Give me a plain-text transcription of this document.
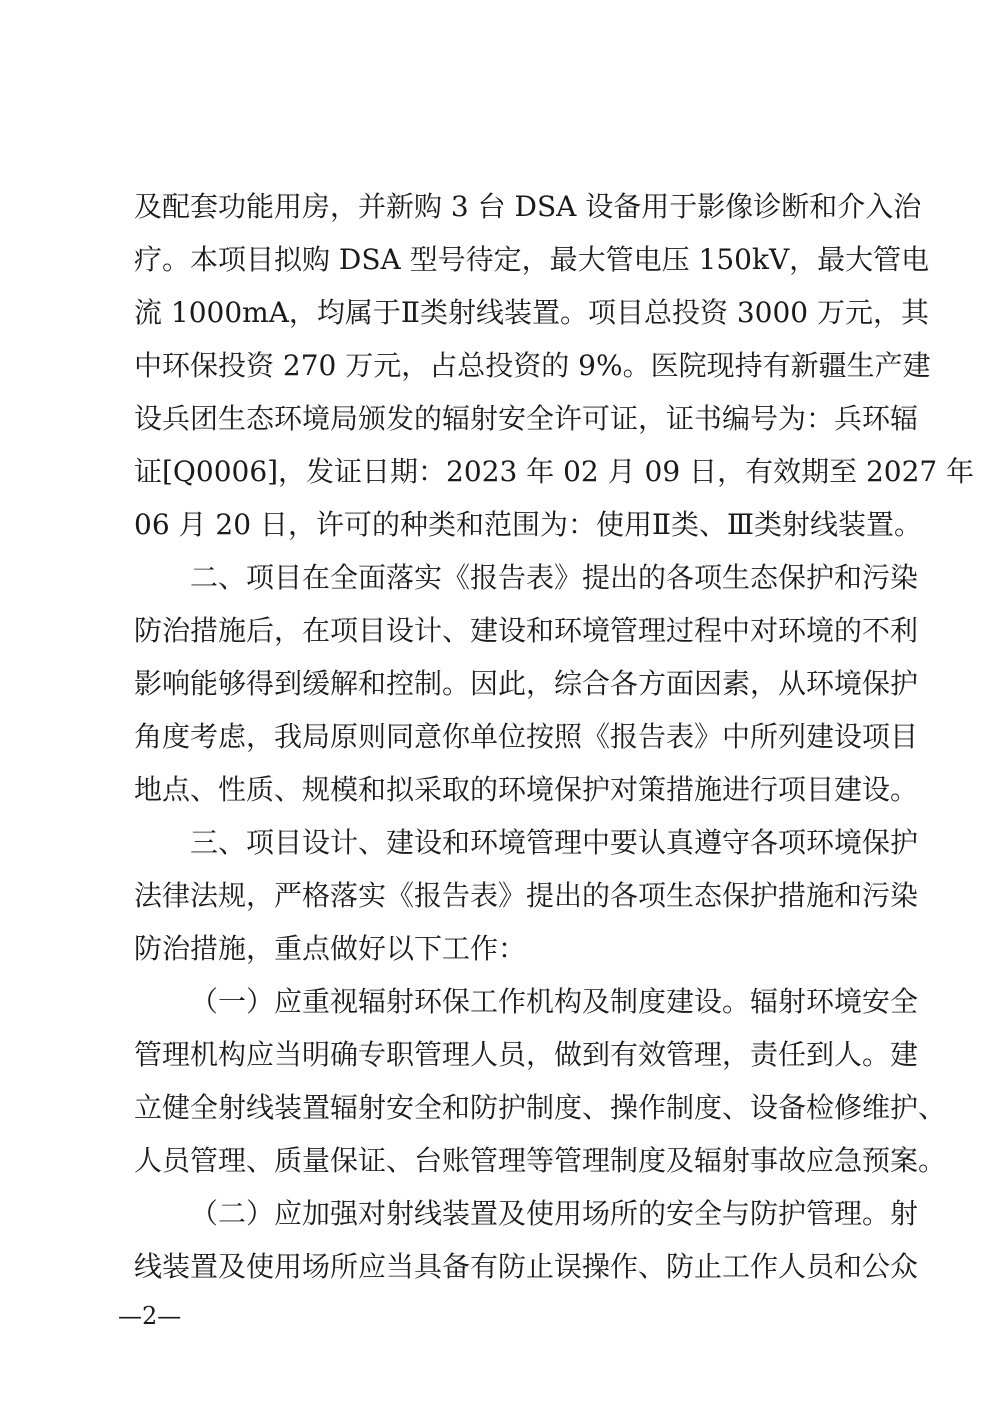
及配套功能用房，并新购 3 台 DSA 设备用于影像诊断和介入治
疗。本项目拟购 DSA 型号待定，最大管电压 150kV，最大管电
流 1000mA，均属于Ⅱ类射线装置。项目总投资 3000 万元，其
中环保投资 270 万元，占总投资的 9%。医院现持有新疆生产建
设兵团生态环境局颁发的辐射安全许可证，证书编号为：兵环辐
证[Q0006]，发证日期：2023 年 02 月 09 日，有效期至 2027 年
06 月 20 日，许可的种类和范围为：使用Ⅱ类、Ⅲ类射线装置。
二、项目在全面落实《报告表》提出的各项生态保护和污染
防治措施后，在项目设计、建设和环境管理过程中对环境的不利
影响能够得到缓解和控制。因此，综合各方面因素，从环境保护
角度考虑，我局原则同意你单位按照《报告表》中所列建设项目
地点、性质、规模和拟采取的环境保护对策措施进行项目建设。
三、项目设计、建设和环境管理中要认真遵守各项环境保护
法律法规，严格落实《报告表》提出的各项生态保护措施和污染
防治措施，重点做好以下工作：
（一）应重视辐射环保工作机构及制度建设。辐射环境安全
管理机构应当明确专职管理人员，做到有效管理，责任到人。建
立健全射线装置辐射安全和防护制度、操作制度、设备检修维护、
人员管理、质量保证、台账管理等管理制度及辐射事故应急预案。
（二）应加强对射线装置及使用场所的安全与防护管理。射
线装置及使用场所应当具备有防止误操作、防止工作人员和公众
—2—
